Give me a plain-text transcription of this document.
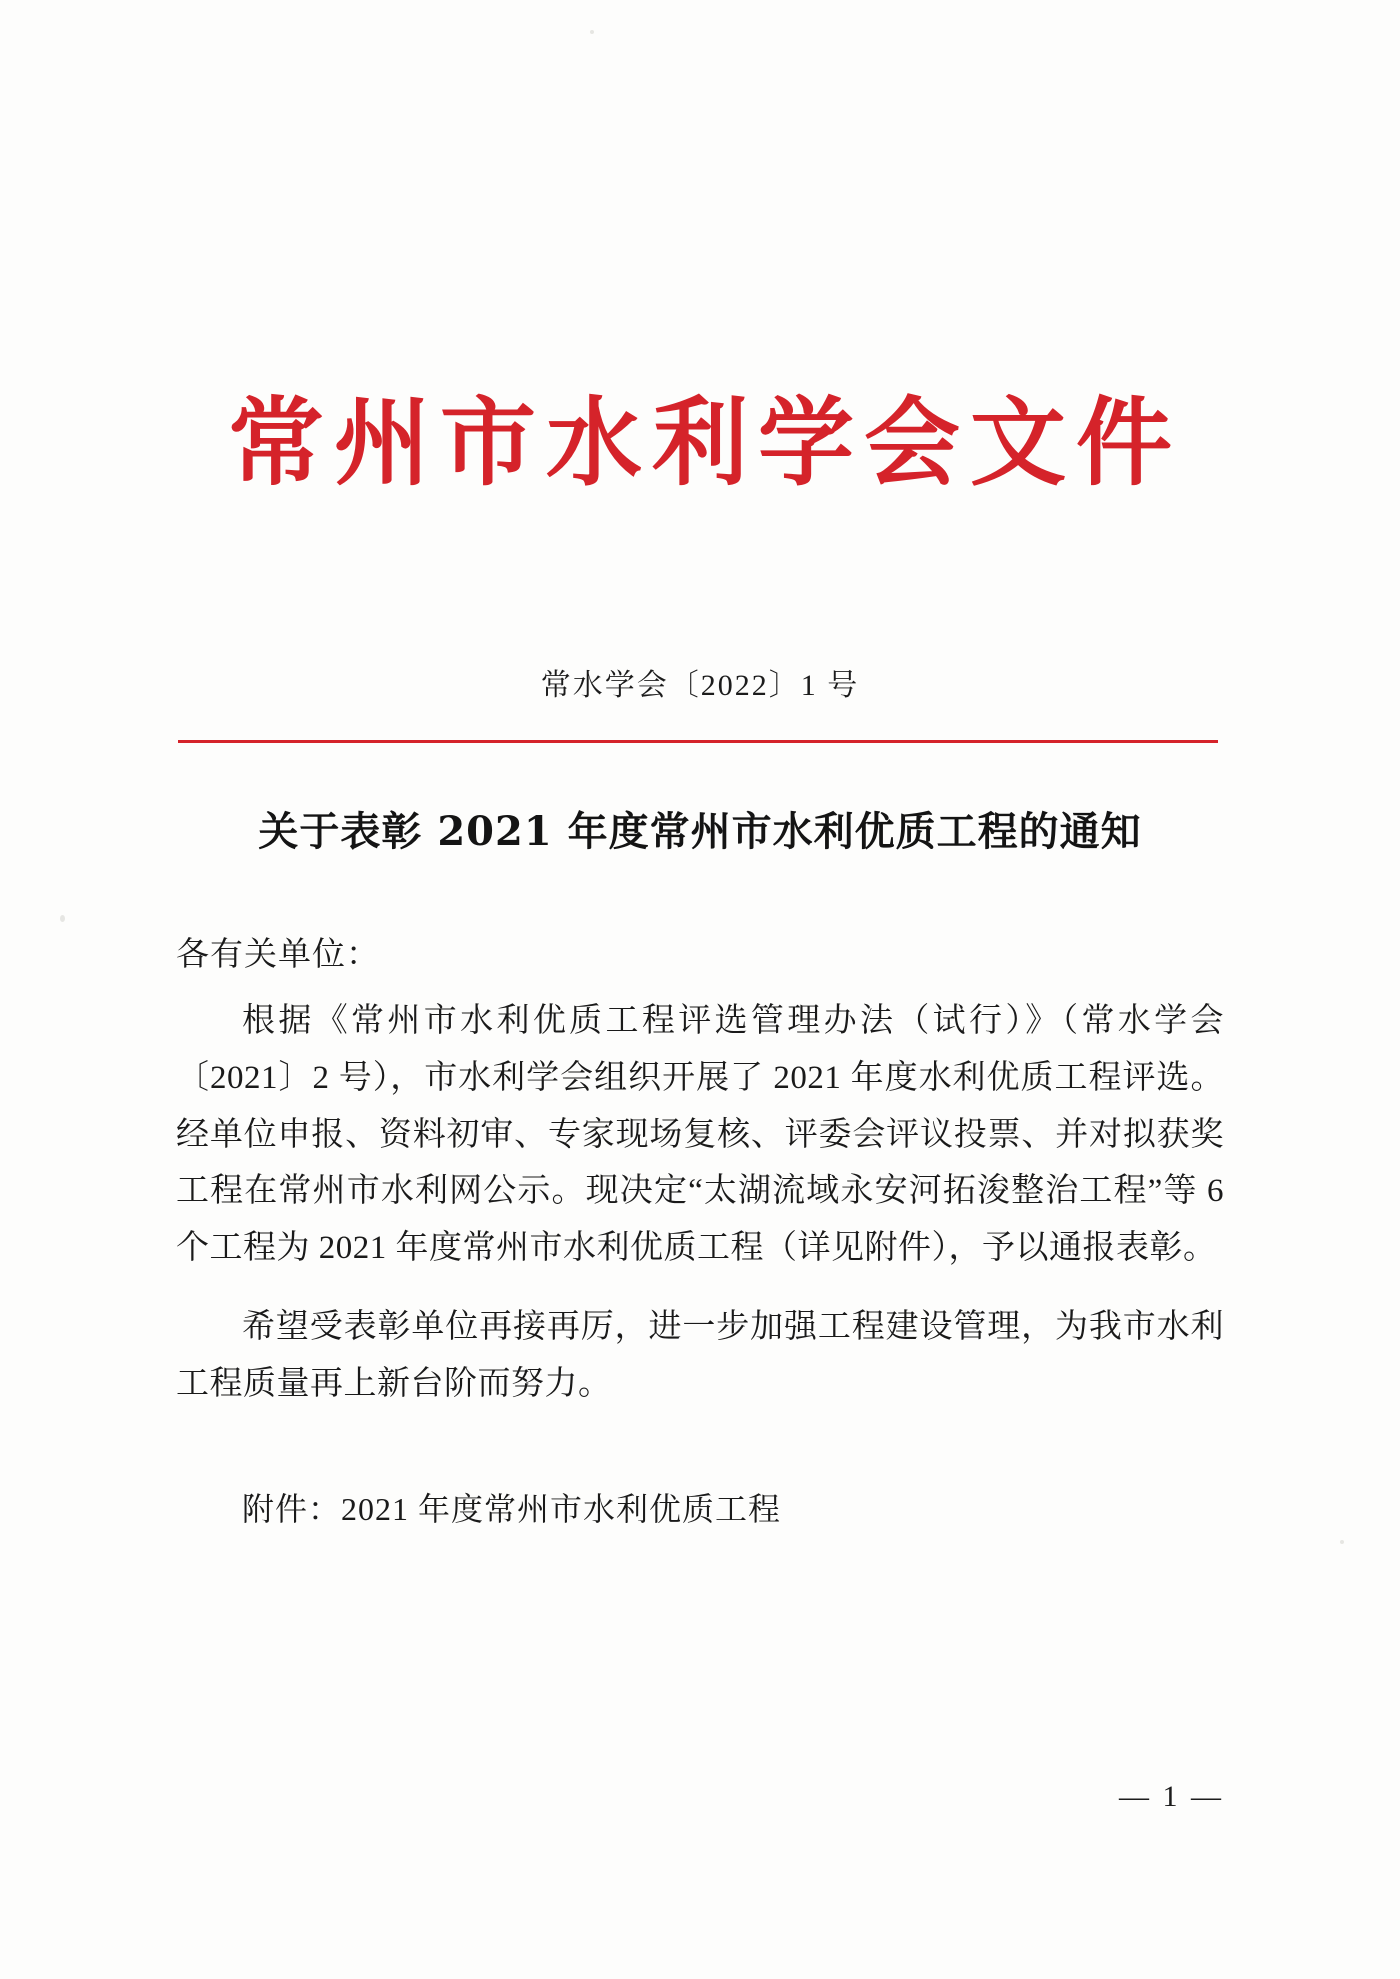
常州市水利学会文件
常水学会〔2022〕1 号
关于表彰 2021 年度常州市水利优质工程的通知
各有关单位：

根据《常州市水利优质工程评选管理办法（试行）》（常水学会〔2021〕2 号），市水利学会组织开展了 2021 年度水利优质工程评选。经单位申报、资料初审、专家现场复核、评委会评议投票、并对拟获奖工程在常州市水利网公示。现决定“太湖流域永安河拓浚整治工程”等 6 个工程为 2021 年度常州市水利优质工程（详见附件），予以通报表彰。

希望受表彰单位再接再厉，进一步加强工程建设管理，为我市水利工程质量再上新台阶而努力。

附件：2021 年度常州市水利优质工程
— 1 —
